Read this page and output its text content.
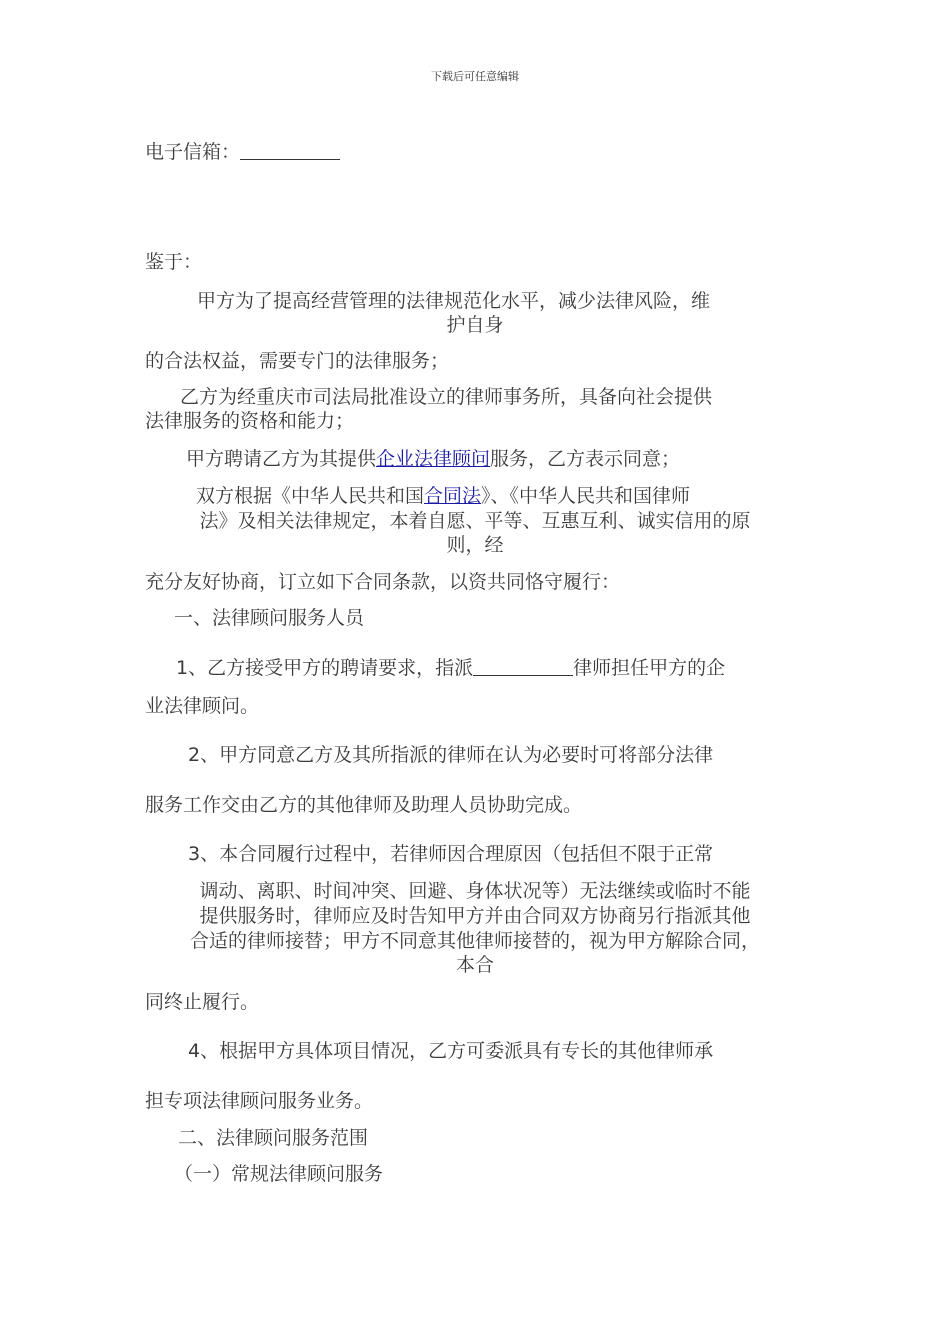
下载后可任意编辑
电子信箱：
鉴于：
甲方为了提高经营管理的法律规范化水平，减少法律风险，维
护自身
的合法权益，需要专门的法律服务；
乙方为经重庆市司法局批准设立的律师事务所，具备向社会提供
法律服务的资格和能力；
甲方聘请乙方为其提供企业法律顾问服务，乙方表示同意；
双方根据《中华人民共和国合同法》、《中华人民共和国律师
法》及相关法律规定，本着自愿、平等、互惠互利、诚实信用的原
则，经
充分友好协商，订立如下合同条款，以资共同恪守履行：
一、法律顾问服务人员
1、乙方接受甲方的聘请要求，指派	律师担任甲方的企
业法律顾问。
2、甲方同意乙方及其所指派的律师在认为必要时可将部分法律
服务工作交由乙方的其他律师及助理人员协助完成。
3、本合同履行过程中，若律师因合理原因（包括但不限于正常
调动、离职、时间冲突、回避、身体状况等）无法继续或临时不能
提供服务时，律师应及时告知甲方并由合同双方协商另行指派其他
合适的律师接替；甲方不同意其他律师接替的，视为甲方解除合同，
本合
同终止履行。
4、根据甲方具体项目情况，乙方可委派具有专长的其他律师承
担专项法律顾问服务业务。
二、法律顾问服务范围
（一）常规法律顾问服务
